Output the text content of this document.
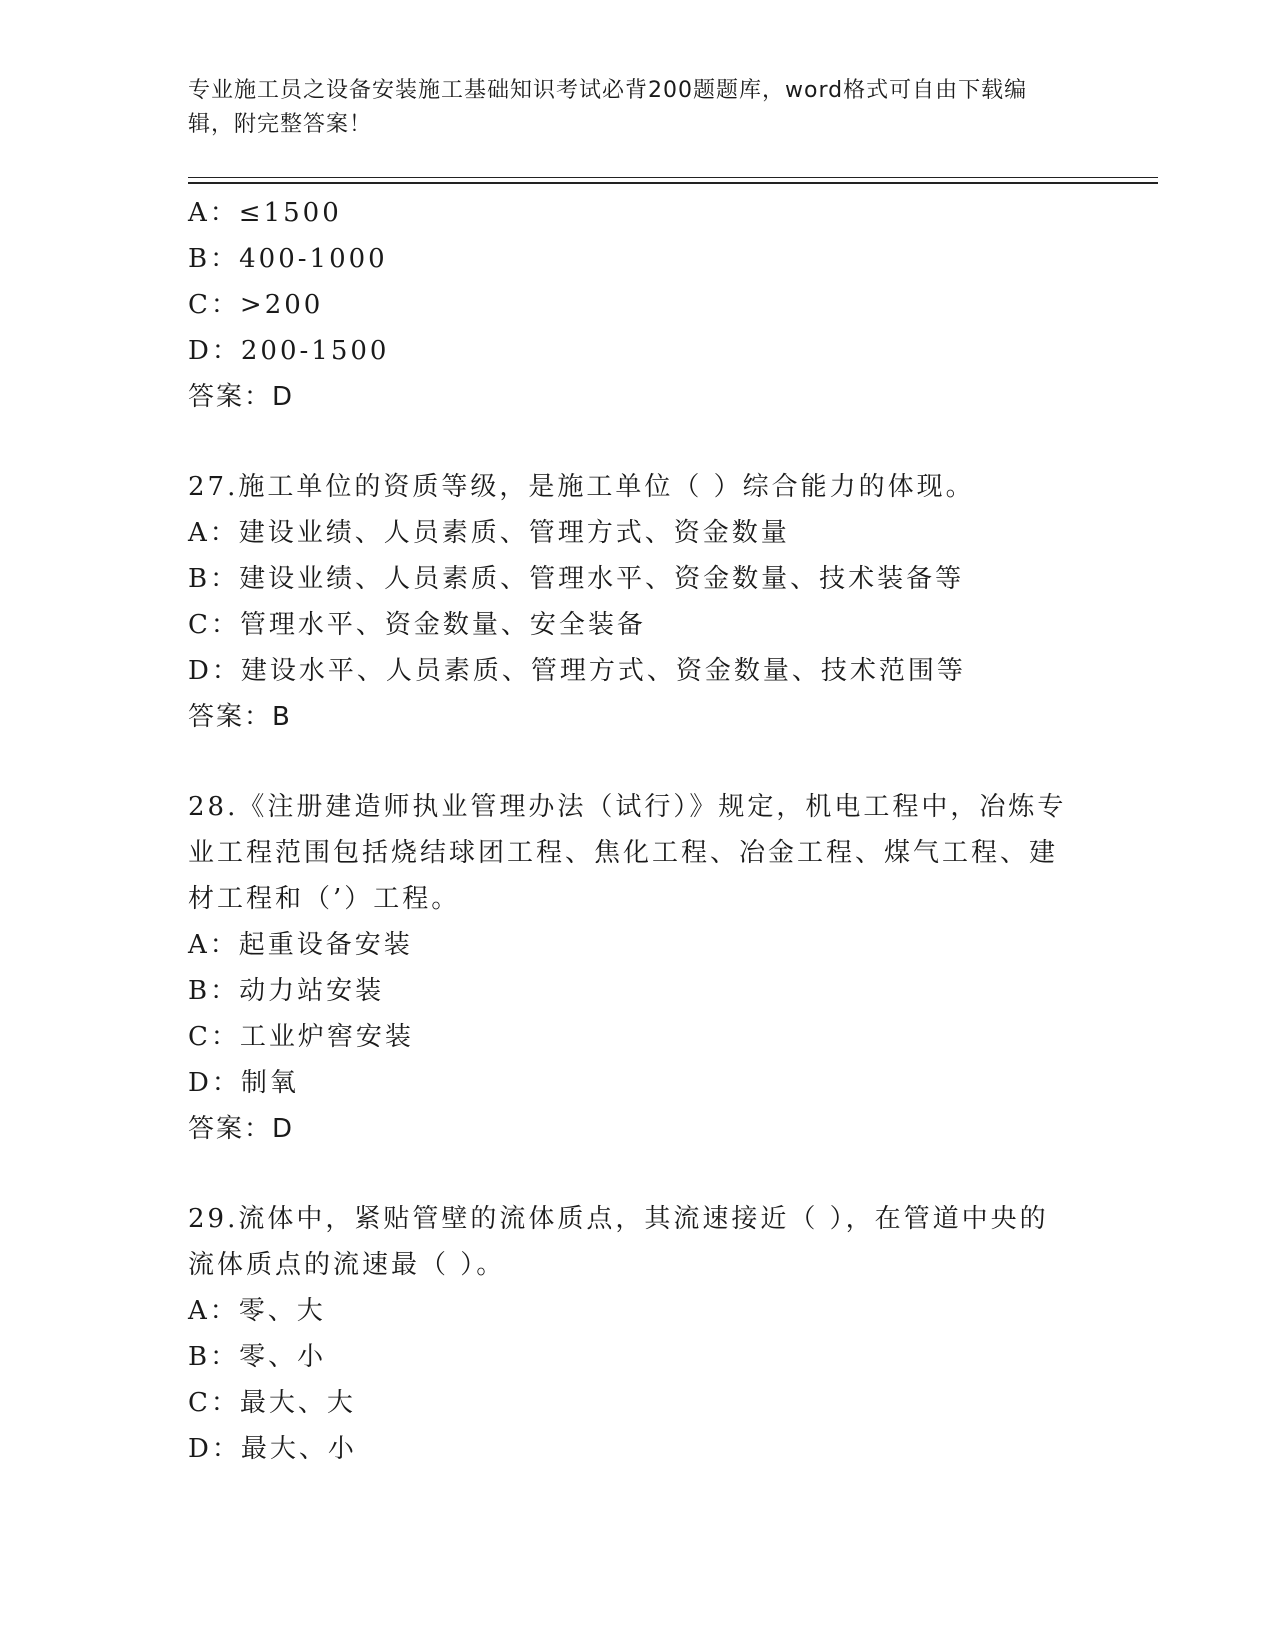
专业施工员之设备安装施工基础知识考试必背200题题库，word格式可自由下载编辑，附完整答案！
A：≤1500
B：400-1000
C：>200
D：200-1500
答案：D
27.施工单位的资质等级，是施工单位（ ）综合能力的体现。
A：建设业绩、人员素质、管理方式、资金数量
B：建设业绩、人员素质、管理水平、资金数量、技术装备等
C：管理水平、资金数量、安全装备
D：建设水平、人员素质、管理方式、资金数量、技术范围等
答案：B
28.《注册建造师执业管理办法（试行）》规定，机电工程中，冶炼专
业工程范围包括烧结球团工程、焦化工程、冶金工程、煤气工程、建
材工程和（’）工程。
A：起重设备安装
B：动力站安装
C：工业炉窖安装
D：制氧
答案：D
29.流体中，紧贴管壁的流体质点，其流速接近（ ），在管道中央的
流体质点的流速最（ ）。
A：零、大
B：零、小
C：最大、大
D：最大、小
